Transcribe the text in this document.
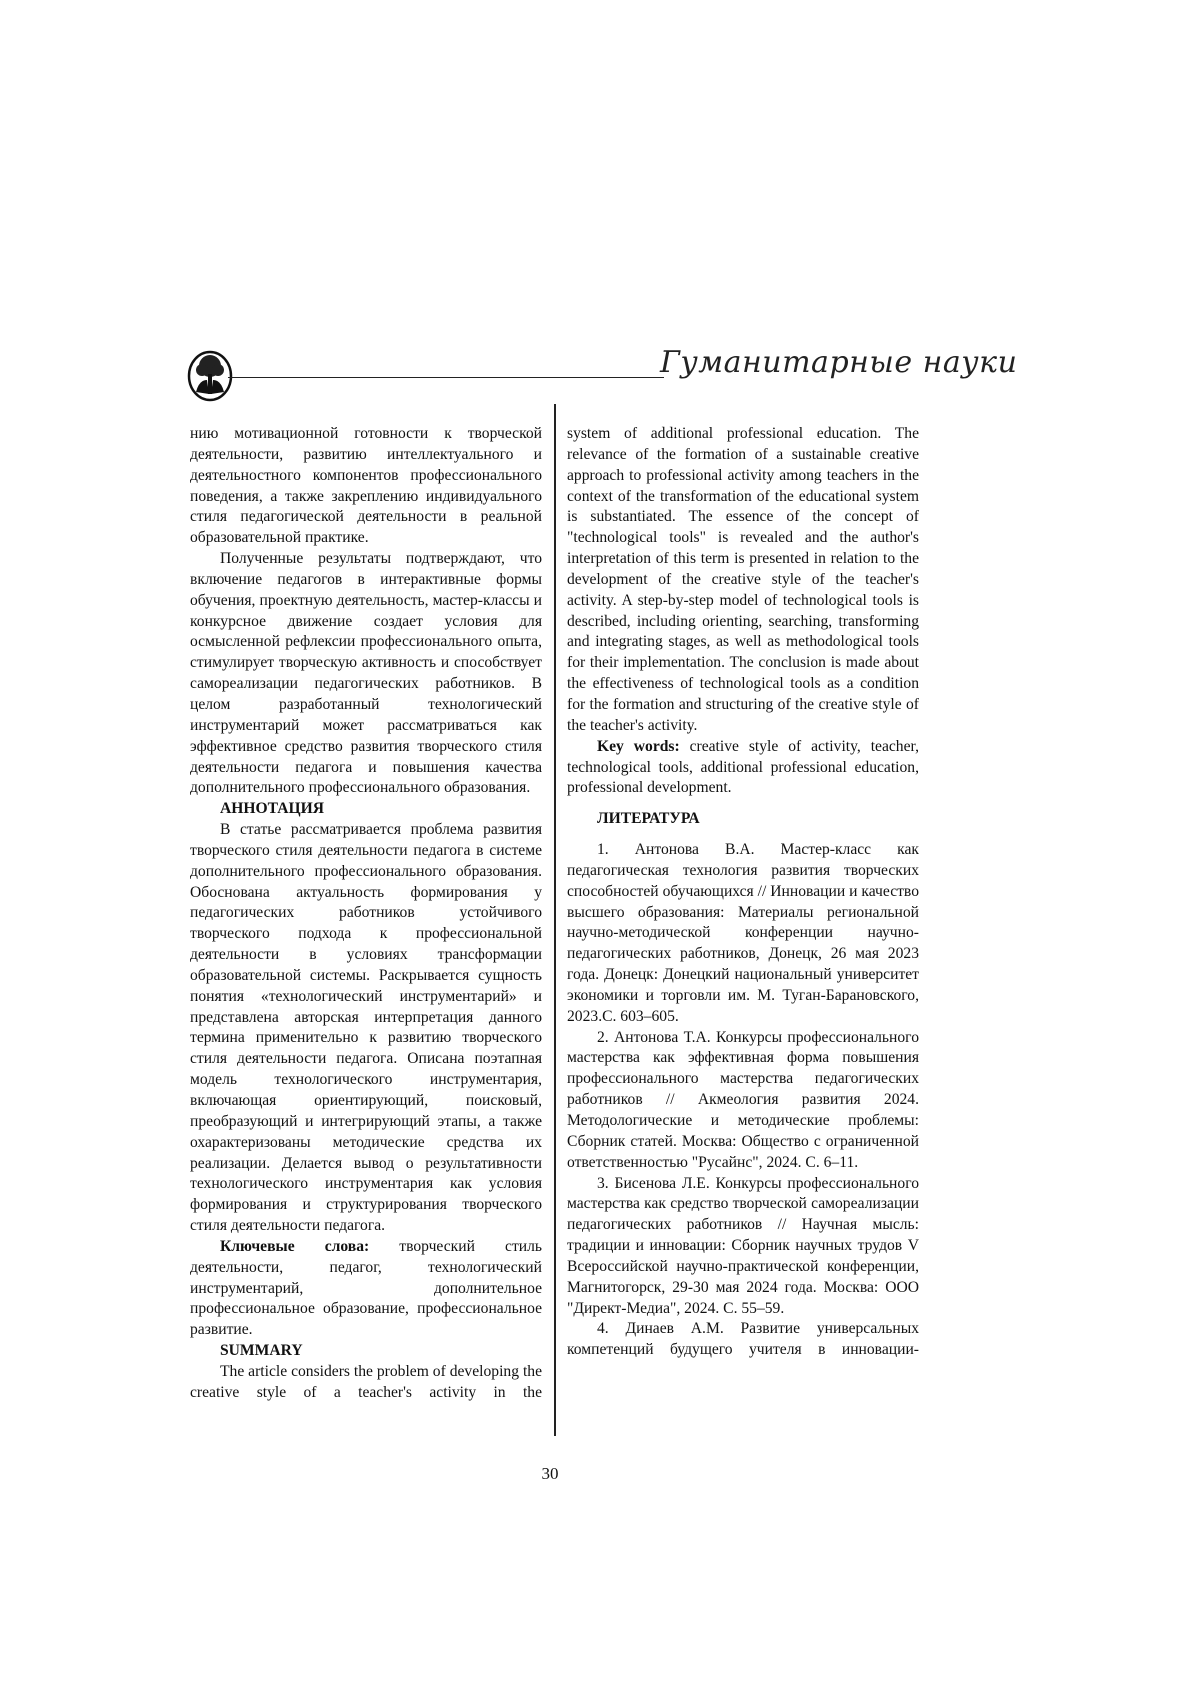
Гуманитарные науки

нию мотивационной готовности к творческой деятельности, развитию интеллектуального и деятельностного компонентов профессионального поведения, а также закреплению индивидуального стиля педагогической деятельности в реальной образовательной практике.

Полученные результаты подтверждают, что включение педагогов в интерактивные формы обучения, проектную деятельность, мастер-классы и конкурсное движение создает условия для осмысленной рефлексии профессионального опыта, стимулирует творческую активность и способствует самореализации педагогических работников. В целом разработанный технологический инструментарий может рассматриваться как эффективное средство развития творческого стиля деятельности педагога и повышения качества дополнительного профессионального образования.

АННОТАЦИЯ

В статье рассматривается проблема развития творческого стиля деятельности педагога в системе дополнительного профессионального образования. Обоснована актуальность формирования у педагогических работников устойчивого творческого подхода к профессиональной деятельности в условиях трансформации образовательной системы. Раскрывается сущность понятия «технологический инструментарий» и представлена авторская интерпретация данного термина применительно к развитию творческого стиля деятельности педагога. Описана поэтапная модель технологического инструментария, включающая ориентирующий, поисковый, преобразующий и интегрирующий этапы, а также охарактеризованы методические средства их реализации. Делается вывод о результативности технологического инструментария как условия формирования и структурирования творческого стиля деятельности педагога.

Ключевые слова: творческий стиль деятельности, педагог, технологический инструментарий, дополнительное профессиональное образование, профессиональное развитие.

SUMMARY

The article considers the problem of developing the creative style of a teacher's activity in the

system of additional professional education. The relevance of the formation of a sustainable creative approach to professional activity among teachers in the context of the transformation of the educational system is substantiated. The essence of the concept of "technological tools" is revealed and the author's interpretation of this term is presented in relation to the development of the creative style of the teacher's activity. A step-by-step model of technological tools is described, including orienting, searching, transforming and integrating stages, as well as methodological tools for their implementation. The conclusion is made about the effectiveness of technological tools as a condition for the formation and structuring of the creative style of the teacher's activity.

Key words: creative style of activity, teacher, technological tools, additional professional education, professional development.

ЛИТЕРАТУРА

1. Антонова В.А. Мастер-класс как педагогическая технология развития творческих способностей обучающихся // Инновации и качество высшего образования: Материалы региональной научно-методической конференции научно-педагогических работников, Донецк, 26 мая 2023 года. Донецк: Донецкий национальный университет экономики и торговли им. М. Туган-Барановского, 2023.С. 603–605.

2. Антонова Т.А. Конкурсы профессионального мастерства как эффективная форма повышения профессионального мастерства педагогических работников // Акмеология развития 2024. Методологические и методические проблемы: Сборник статей. Москва: Общество с ограниченной ответственностью "Русайнс", 2024. С. 6–11.

3. Бисенова Л.Е. Конкурсы профессионального мастерства как средство творческой самореализации педагогических работников // Научная мысль: традиции и инновации: Сборник научных трудов V Всероссийской научно-практической конференции, Магнитогорск, 29-30 мая 2024 года. Москва: ООО "Директ-Медиа", 2024. С. 55–59.

4. Динаев А.М. Развитие универсальных компетенций будущего учителя в инновации-

30
